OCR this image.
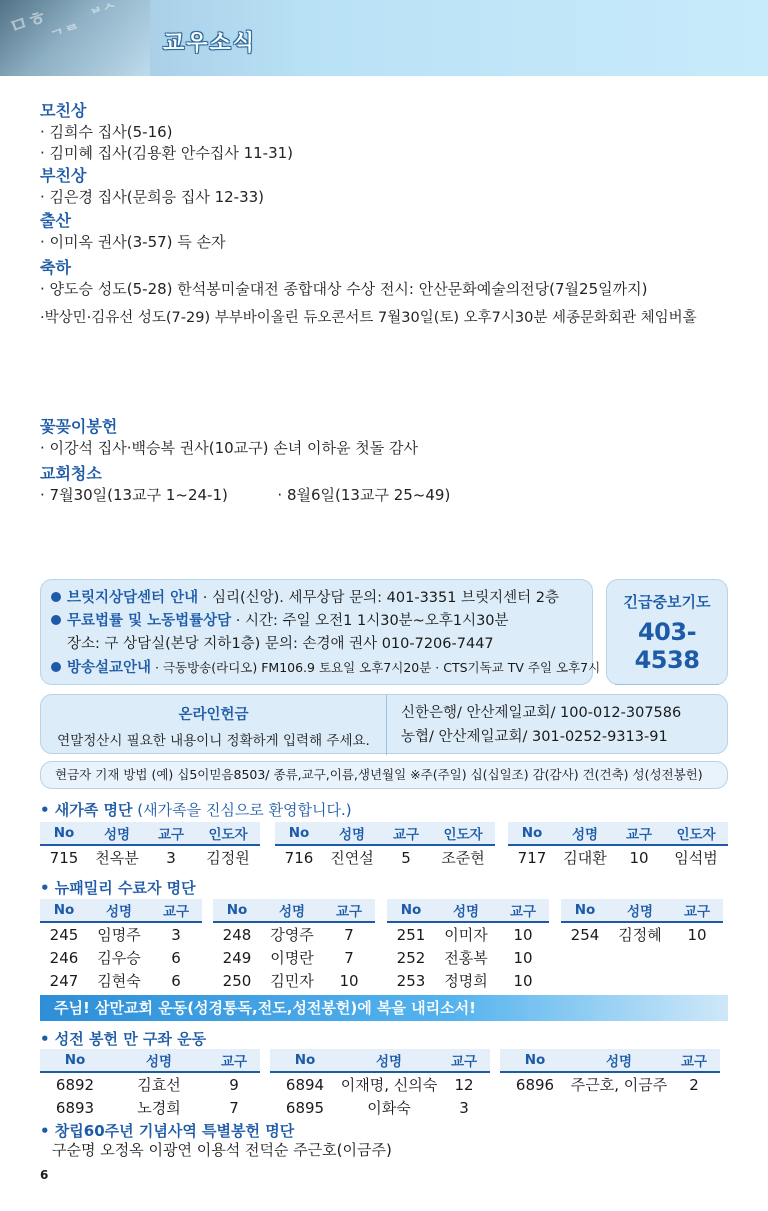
ㅁㅎ
ᄀᄅ
ᄇᄉ
교우소식
모친상

· 김희수 집사(5-16)

· 김미혜 집사(김용환 안수집사 11-31)

부친상

· 김은경 집사(문희응 집사 12-33)

출산

· 이미옥 권사(3-57) 득 손자

축하

· 양도승 성도(5-28) 한석봉미술대전 종합대상 수상 전시: 안산문화예술의전당(7월25일까지)

·박상민·김유선 성도(7-29) 부부바이올린 듀오콘서트 7월30일(토) 오후7시30분 세종문화회관 체임버홀

꽃꽂이봉헌

· 이강석 집사·백승복 권사(10교구) 손녀 이하윤 첫돌 감사

교회청소

· 7월30일(13교구 1~24-1)	· 8월6일(13교구 25~49)

브릿지상담센터 안내 · 심리(신앙). 세무상담 문의: 401-3351 브릿지센터 2층
무료법률 및 노동법률상담 · 시간: 주일 오전1 1시30분~오후1시30분
장소: 구 상담실(본당 지하1층) 문의: 손경애 권사 010-7206-7447
방송설교안내 · 극동방송(라디오) FM106.9 토요일 오후7시20분 · CTS기독교 TV 주일 오후7시
긴급중보기도
403-4538
온라인헌금
연말정산시 필요한 내용이니 정확하게 입력해 주세요.
신한은행/ 안산제일교회/ 100-012-307586
농협/ 안산제일교회/ 301-0252-9313-91
현금자 기재 방법 (예) 십5이믿음8503/ 종류,교구,이름,생년월일 ※주(주일) 십(십일조) 감(감사) 건(건축) 성(성전봉헌)
• 새가족 명단 (새가족을 진심으로 환영합니다.)
No	성명	교구	인도자
715	천옥분	3	김정원
No	성명	교구	인도자
716	진연설	5	조준현
No	성명	교구	인도자
717	김대환	10	임석범
• 뉴패밀리 수료자 명단
No	성명	교구
245	임명주	3
246	김우승	6
247	김현숙	6
No	성명	교구
248	강영주	7
249	이명란	7
250	김민자	10
No	성명	교구
251	이미자	10
252	전홍복	10
253	정명희	10
No	성명	교구
254	김정혜	10
주님! 삼만교회 운동(성경통독,전도,성전봉헌)에 복을 내리소서!
• 성전 봉헌 만 구좌 운동
No	성명	교구
6892	김효선	9
6893	노경희	7
No	성명	교구
6894	이재명, 신의숙	12
6895	이화숙	3
No	성명	교구
6896	주근호, 이금주	2
• 창립60주년 기념사역 특별봉헌 명단
구순명 오정옥 이광연 이용석 전덕순 주근호(이금주)
6
